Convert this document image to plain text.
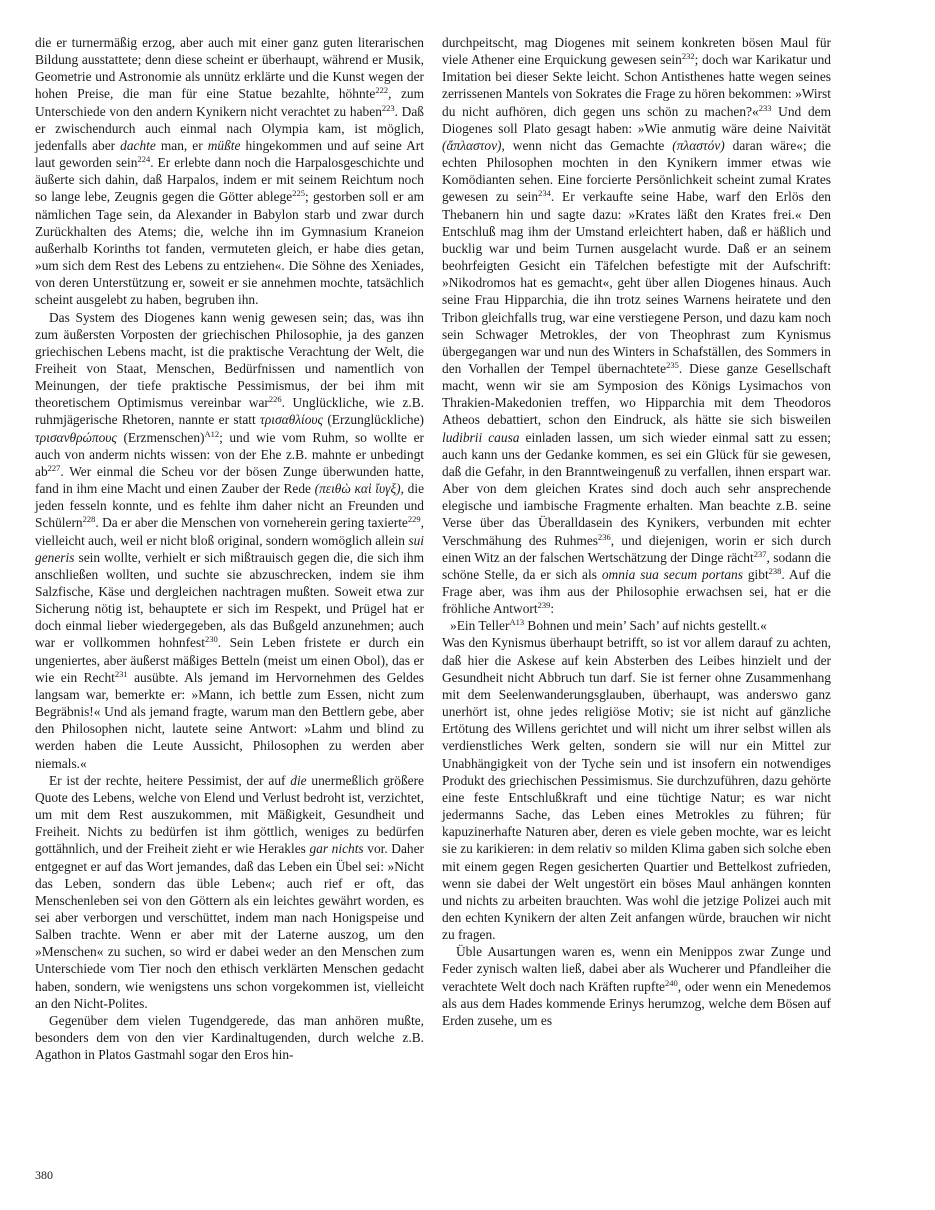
die er turnermäßig erzog, aber auch mit einer ganz guten literarischen Bildung ausstattete; denn diese scheint er überhaupt, während er Musik, Geometrie und Astronomie als unnütz erklärte und die Kunst wegen der hohen Preise, die man für eine Statue bezahlte, höhnte$^{222}$, zum Unterschiede von den andern Kynikern nicht verachtet zu haben$^{223}$. Daß er zwischendurch auch einmal nach Olympia kam, ist möglich, jedenfalls aber dachte man, er müßte hingekommen und auf seine Art laut geworden sein$^{224}$. Er erlebte dann noch die Harpalosgeschichte und äußerte sich dahin, daß Harpalos, indem er mit seinem Reichtum noch so lange lebe, Zeugnis gegen die Götter ablege$^{225}$; gestorben soll er am nämlichen Tage sein, da Alexander in Babylon starb und zwar durch Zurückhalten des Atems; die, welche ihn im Gymnasium Kraneion außerhalb Korinths tot fanden, vermuteten gleich, er habe dies getan, »um sich dem Rest des Lebens zu entziehen«. Die Söhne des Xeniades, von deren Unterstützung er, soweit er sie annehmen mochte, tatsächlich scheint ausgelebt zu haben, begruben ihn.

Das System des Diogenes kann wenig gewesen sein; das, was ihn zum äußersten Vorposten der griechischen Philosophie, ja des ganzen griechischen Lebens macht, ist die praktische Verachtung der Welt, die Freiheit von Staat, Menschen, Bedürfnissen und namentlich von Meinungen, der tiefe praktische Pessimismus, der bei ihm mit theoretischem Optimismus vereinbar war$^{226}$. Unglückliche, wie z.B. ruhmjägerische Rhetoren, nannte er statt τρισαθλίους (Erzunglückliche) τρισανθρώπους (Erzmenschen)$^{A12}$; und wie vom Ruhm, so wollte er auch von anderm nichts wissen: von der Ehe z.B. mahnte er unbedingt $ab^{227}$. Wer einmal die Scheu vor der bösen Zunge überwunden hatte, fand in ihm eine Macht und einen Zauber der Rede (πειθὼ καὶ ἴυγξ), die jeden fesseln konnte, und es fehlte ihm daher nicht an Freunden und Schülern$^{228}$. Da er aber die Menschen von vorneherein gering taxierte$^{229}$, vielleicht auch, weil er nicht bloß original, sondern womöglich allein sui generis sein wollte, verhielt er sich mißtrauisch gegen die, die sich ihm anschließen wollten, und suchte sie abzuschrecken, indem sie ihm Salzfische, Käse und dergleichen nachtragen mußten. Soweit etwa zur Sicherung nötig ist, behauptete er sich im Respekt, und Prügel hat er doch einmal lieber wiedergegeben, als das Bußgeld anzunehmen; auch war er vollkommen hohnfest$^{230}$. Sein Leben fristete er durch ein ungeniertes, aber äußerst mäßiges Betteln (meist um einen Obol), das er wie ein Recht$^{231}$ ausübte. Als jemand im Hervornehmen des Geldes langsam war, bemerkte er: »Mann, ich bettle zum Essen, nicht zum Begräbnis!« Und als jemand fragte, warum man den Bettlern gebe, aber den Philosophen nicht, lautete seine Antwort: »Lahm und blind zu werden haben die Leute Aussicht, Philosophen zu werden aber niemals.«

Er ist der rechte, heitere Pessimist, der auf die unermeßlich größere Quote des Lebens, welche von Elend und Verlust bedroht ist, verzichtet, um mit dem Rest auszukommen, mit Mäßigkeit, Gesundheit und Freiheit. Nichts zu bedürfen ist ihm göttlich, weniges zu bedürfen gottähnlich, und der Freiheit zieht er wie Herakles gar nichts vor. Daher entgegnet er auf das Wort jemandes, daß das Leben ein Übel sei: »Nicht das Leben, sondern das üble Leben«; auch rief er oft, das Menschenleben sei von den Göttern als ein leichtes gewährt worden, es sei aber verborgen und verschüttet, indem man nach Honigspeise und Salben trachte. Wenn er aber mit der Laterne auszog, um den »Menschen« zu suchen, so wird er dabei weder an den Menschen zum Unterschiede vom Tier noch den ethisch verklärten Menschen gedacht haben, sondern, wie wenigstens uns schon vorgekommen ist, vielleicht an den Nicht-Polites.

Gegenüber dem vielen Tugendgerede, das man anhören mußte, besonders dem von den vier Kardinaltugenden, durch welche z.B. Agathon in Platos Gastmahl sogar den Eros hin-

durchpeitscht, mag Diogenes mit seinem konkreten bösen Maul für viele Athener eine Erquickung gewesen sein$^{232}$; doch war Karikatur und Imitation bei dieser Sekte leicht. Schon Antisthenes hatte wegen seines zerrissenen Mantels von Sokrates die Frage zu hören bekommen: »Wirst du nicht aufhören, dich gegen uns schön zu machen?«$^{233}$ Und dem Diogenes soll Plato gesagt haben: »Wie anmutig wäre deine Naivität (ἄπλαστον), wenn nicht das Gemachte (πλαστόν) daran wäre«; die echten Philosophen mochten in den Kynikern immer etwas wie Komödianten sehen. Eine forcierte Persönlichkeit scheint zumal Krates gewesen zu sein$^{234}$. Er verkaufte seine Habe, warf den Erlös den Thebanern hin und sagte dazu: »Krates läßt den Krates frei.« Den Entschluß mag ihm der Umstand erleichtert haben, daß er häßlich und bucklig war und beim Turnen ausgelacht wurde. Daß er an seinem beohrfeigten Gesicht ein Täfelchen befestigte mit der Aufschrift: »Nikodromos hat es gemacht«, geht über allen Diogenes hinaus. Auch seine Frau Hipparchia, die ihn trotz seines Warnens heiratete und den Tribon gleichfalls trug, war eine verstiegene Person, und dazu kam noch sein Schwager Metrokles, der von Theophrast zum Kynismus übergegangen war und nun des Winters in Schafställen, des Sommers in den Vorhallen der Tempel übernachtete$^{235}$. Diese ganze Gesellschaft macht, wenn wir sie am Symposion des Königs Lysimachos von Thrakien-Makedonien treffen, wo Hipparchia mit dem Theodoros Atheos debattiert, schon den Eindruck, als hätte sie sich bisweilen ludibrii causa einladen lassen, um sich wieder einmal satt zu essen; auch kann uns der Gedanke kommen, es sei ein Glück für sie gewesen, daß die Gefahr, in den Branntweingenuß zu verfallen, ihnen erspart war. Aber von dem gleichen Krates sind doch auch sehr ansprechende elegische und iambische Fragmente erhalten. Man beachte z.B. seine Verse über das Überalldasein des Kynikers, verbunden mit echter Verschmähung des Ruhmes$^{236}$, und diejenigen, worin er sich durch einen Witz an der falschen Wertschätzung der Dinge rächt$^{237}$, sodann die schöne Stelle, da er sich als omnia sua secum portans gibt$^{238}$. Auf die Frage aber, was ihm aus der Philosophie erwachsen sei, hat er die fröhliche Antwort$^{239}$:

»Ein Teller$^{A13}$ Bohnen und mein’ Sach’ auf nichts gestellt.«

Was den Kynismus überhaupt betrifft, so ist vor allem darauf zu achten, daß hier die Askese auf kein Absterben des Leibes hinzielt und der Gesundheit nicht Abbruch tun darf. Sie ist ferner ohne Zusammenhang mit dem Seelenwanderungsglauben, überhaupt, was anderswo ganz unerhört ist, ohne jedes religiöse Motiv; sie ist nicht auf gänzliche Ertötung des Willens gerichtet und will nicht um ihrer selbst willen als verdienstliches Werk gelten, sondern sie will nur ein Mittel zur Unabhängigkeit von der Tyche sein und ist insofern ein notwendiges Produkt des griechischen Pessimismus. Sie durchzuführen, dazu gehörte eine feste Entschlußkraft und eine tüchtige Natur; es war nicht jedermanns Sache, das Leben eines Metrokles zu führen; für kapuzinerhafte Naturen aber, deren es viele geben mochte, war es leicht sie zu karikieren: in dem relativ so milden Klima gaben sich solche eben mit einem gegen Regen gesicherten Quartier und Bettelkost zufrieden, wenn sie dabei der Welt ungestört ein böses Maul anhängen konnten und nichts zu arbeiten brauchten. Was wohl die jetzige Polizei auch mit den echten Kynikern der alten Zeit anfangen würde, brauchen wir nicht zu fragen.

Üble Ausartungen waren es, wenn ein Menippos zwar Zunge und Feder zynisch walten ließ, dabei aber als Wucherer und Pfandleiher die verachtete Welt doch nach Kräften rupfte$^{240}$, oder wenn ein Menedemos als aus dem Hades kommende Erinys herumzog, welche dem Bösen auf Erden zusehe, um es

380
